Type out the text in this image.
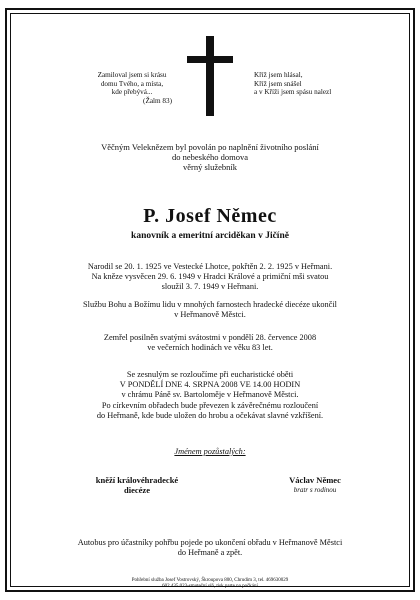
Zamiloval jsem si krásu
domu Tvého, a místa,
kde přebývá...
(Žalm 83)
Kříž jsem hlásal,
Kříž jsem snášel
a v Kříži jsem spásu nalezl
Věčným Veleknězem byl povolán po naplnění životního poslání
do nebeského domova
věrný služebník
P. Josef Němec
kanovník a emeritní arciděkan v Jičíně
Narodil se 20. 1. 1925 ve Vestecké Lhotce, pokřtěn 2. 2. 1925 v Heřmani.
Na kněze vysvěcen 29. 6. 1949 v Hradci Králové a primiční mši svatou
sloužil 3. 7. 1949 v Heřmani.
Službu Bohu a Božímu lidu v mnohých farnostech hradecké diecéze ukončil
v Heřmanově Městci.
Zemřel posilněn svatými svátostmi v pondělí 28. července 2008
ve večerních hodinách ve věku 83 let.
Se zesnulým se rozloučíme při eucharistické oběti
V PONDĚLÍ DNE 4. SRPNA 2008 VE 14.00 HODIN
v chrámu Páně sv. Bartoloměje v Heřmanově Městci.
Po církevním obřadech bude převezen k závěrečnému rozloučení
do Heřmaně, kde bude uložen do hrobu a očekávat slavné vzkříšení.
Jménem pozůstalých:
kněží královéhradecké
diecéze
Václav Němec
bratr s rodinou
Autobus pro účastníky pohřbu pojede po ukončení obřadu v Heřmanově Městci
do Heřmaně a zpět.
Pohřební služba Josef Vostrovský, Škroupova 800, Chrudim 3, tel. 469630029
602 435 023-smuteční síň, tisk parte na počkání
